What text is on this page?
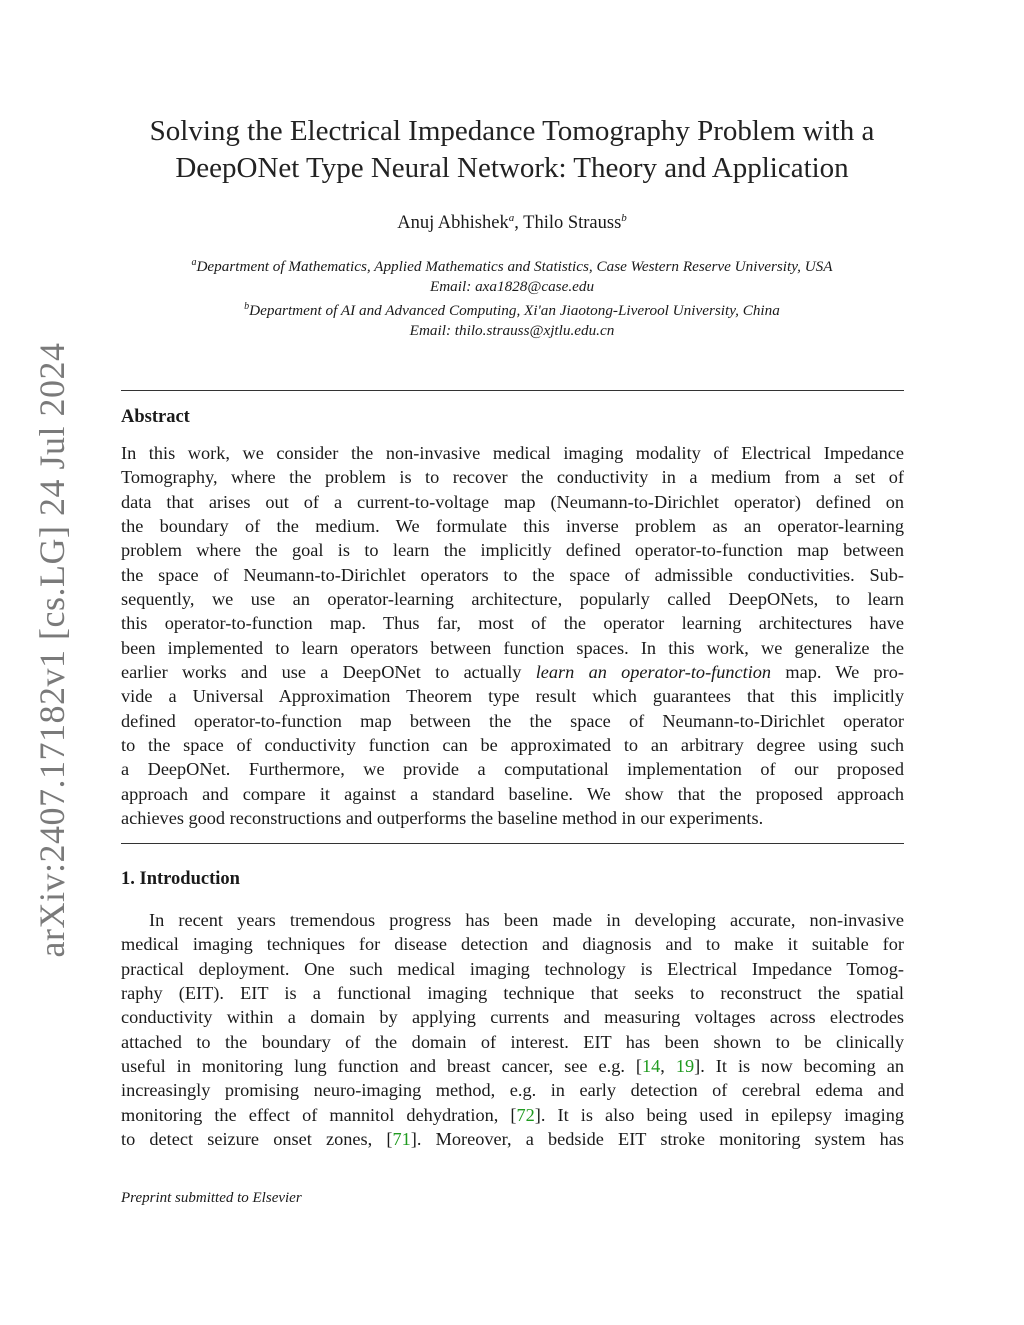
arXiv:2407.17182v1 [cs.LG] 24 Jul 2024
Solving the Electrical Impedance Tomography Problem with a
DeepONet Type Neural Network: Theory and Application
Anuj Abhishek$^a$, Thilo Strauss$^b$
$^a$Department of Mathematics, Applied Mathematics and Statistics, Case Western Reserve University, USA
Email: axa1828@case.edu
$^b$Department of AI and Advanced Computing, Xi'an Jiaotong-Liverool University, China
Email: thilo.strauss@xjtlu.edu.cn
Abstract
In this work, we consider the non-invasive medical imaging modality of Electrical Impedance
Tomography, where the problem is to recover the conductivity in a medium from a set of
data that arises out of a current-to-voltage map (Neumann-to-Dirichlet operator) defined on
the boundary of the medium. We formulate this inverse problem as an operator-learning
problem where the goal is to learn the implicitly defined operator-to-function map between
the space of Neumann-to-Dirichlet operators to the space of admissible conductivities. Sub-
sequently, we use an operator-learning architecture, popularly called DeepONets, to learn
this operator-to-function map. Thus far, most of the operator learning architectures have
been implemented to learn operators between function spaces. In this work, we generalize the
earlier works and use a DeepONet to actually learn an operator-to-function map. We pro-
vide a Universal Approximation Theorem type result which guarantees that this implicitly
defined operator-to-function map between the the space of Neumann-to-Dirichlet operator
to the space of conductivity function can be approximated to an arbitrary degree using such
a DeepONet. Furthermore, we provide a computational implementation of our proposed
approach and compare it against a standard baseline. We show that the proposed approach
achieves good reconstructions and outperforms the baseline method in our experiments.
1. Introduction
In recent years tremendous progress has been made in developing accurate, non-invasive
medical imaging techniques for disease detection and diagnosis and to make it suitable for
practical deployment. One such medical imaging technology is Electrical Impedance Tomog-
raphy (EIT). EIT is a functional imaging technique that seeks to reconstruct the spatial
conductivity within a domain by applying currents and measuring voltages across electrodes
attached to the boundary of the domain of interest. EIT has been shown to be clinically
useful in monitoring lung function and breast cancer, see e.g. [14, 19]. It is now becoming an
increasingly promising neuro-imaging method, e.g. in early detection of cerebral edema and
monitoring the effect of mannitol dehydration, [72]. It is also being used in epilepsy imaging
to detect seizure onset zones, [71]. Moreover, a bedside EIT stroke monitoring system has
Preprint submitted to Elsevier
